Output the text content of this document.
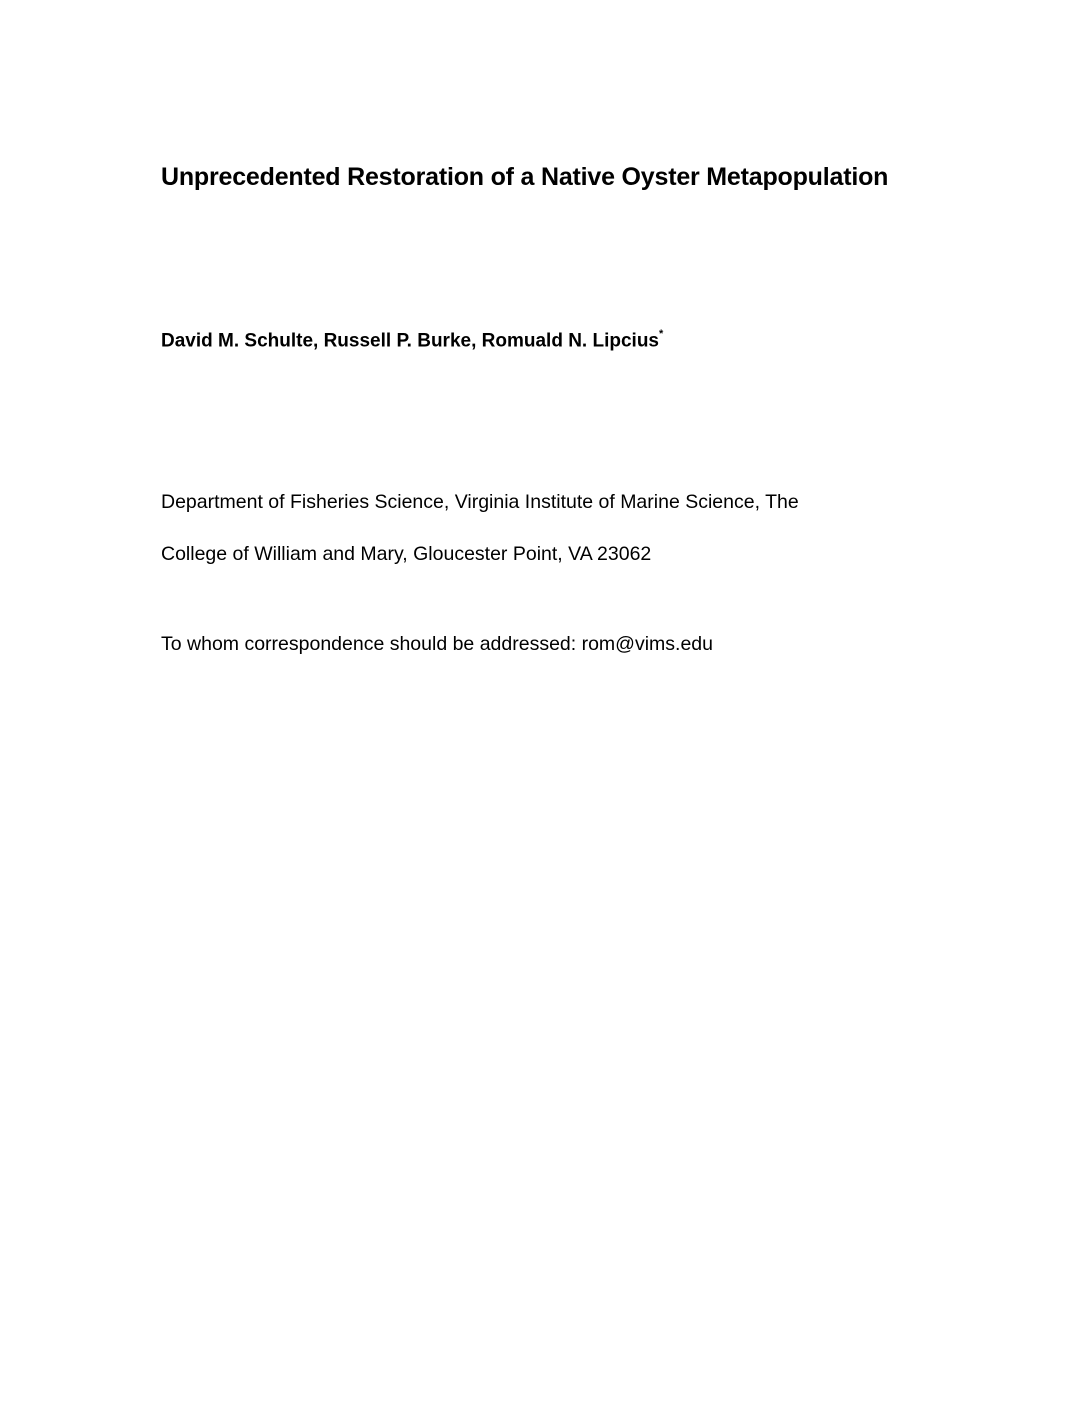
Unprecedented Restoration of a Native Oyster Metapopulation

David M. Schulte, Russell P. Burke, Romuald N. Lipcius*

Department of Fisheries Science, Virginia Institute of Marine Science, The
College of William and Mary, Gloucester Point, VA 23062

To whom correspondence should be addressed: rom@vims.edu
